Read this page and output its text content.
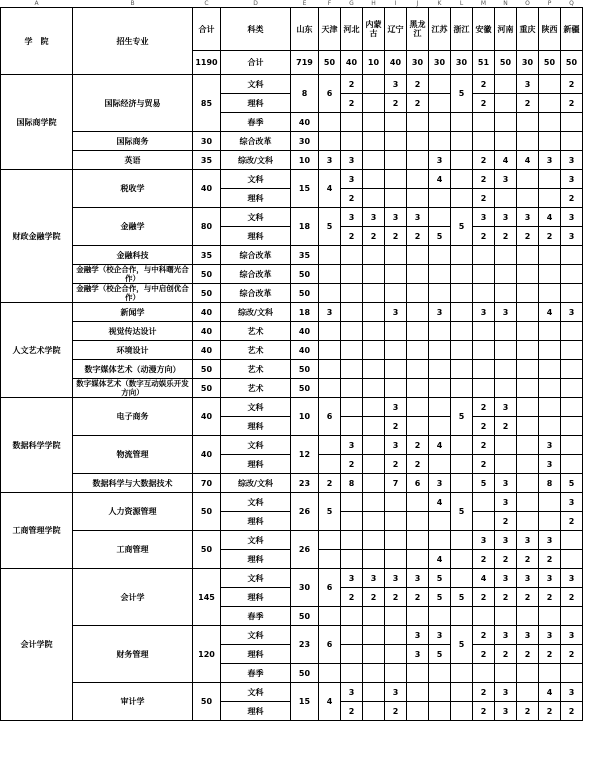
A	B	C	D	E	F	G	H	I	J	K	L	M	N	O	P	Q
学　院	招生专业	合计	科类	山东	天津	河北	内蒙古	辽宁	黑龙江	江苏	浙江	安徽	河南	重庆	陕西	新疆
		1190	合计	719	50	40	10	40	30	30	30	51	50	30	50	50
国际商学院	国际经济与贸易	85	文科	8	6	2		3	2		5	2		3		2
			理科			2		2	2			2		2		2
			春季	40												
	国际商务	30	综合改革	30												
	英语	35	综改/文科	10	3	3				3		2	4	4	3	3
财政金融学院	税收学	40	文科	15	4	3				4		2	3			3
			理科			2						2				2
	金融学	80	文科	18	5	3	3	3	3		5	3	3	3	4	3
			理科			2	2	2	2	5		2	2	2	2	3
	金融科技	35	综合改革	35												
	金融学（校企合作，与中科曙光合作）	50	综合改革	50												
	金融学（校企合作，与中启创优合作）	50	综合改革	50												
人文艺术学院	新闻学	40	综改/文科	18	3			3		3		3	3		4	3
	视觉传达设计	40	艺术	40												
	环境设计	40	艺术	40												
	数字媒体艺术（动漫方向）	50	艺术	50												
	数字媒体艺术（数字互动娱乐开发方向）	50	艺术	50												
数据科学学院	电子商务	40	文科	10	6			3			5	2	3			
			理科					2				2	2			
	物流管理	40	文科	12		3		3	2	4		2			3	
			理科			2		2	2			2			3	
	数据科学与大数据技术	70	综改/文科	23	2	8		7	6	3		5	3		8	5
工商管理学院	人力资源管理	50	文科	26	5					4	5		3			3
			理科										2			2
	工商管理	50	文科	26								3	3	3	3	
			理科							4		2	2	2	2	
会计学院	会计学	145	文科	30	6	3	3	3	3	5		4	3	3	3	3
			理科			2	2	2	2	5	5	2	2	2	2	2
			春季	50												
	财务管理	120	文科	23	6				3	3	5	2	3	3	3	3
			理科						3	5		2	2	2	2	2
			春季	50												
	审计学	50	文科	15	4	3		3				2	3		4	3
			理科			2		2				2	3	2	2	2
